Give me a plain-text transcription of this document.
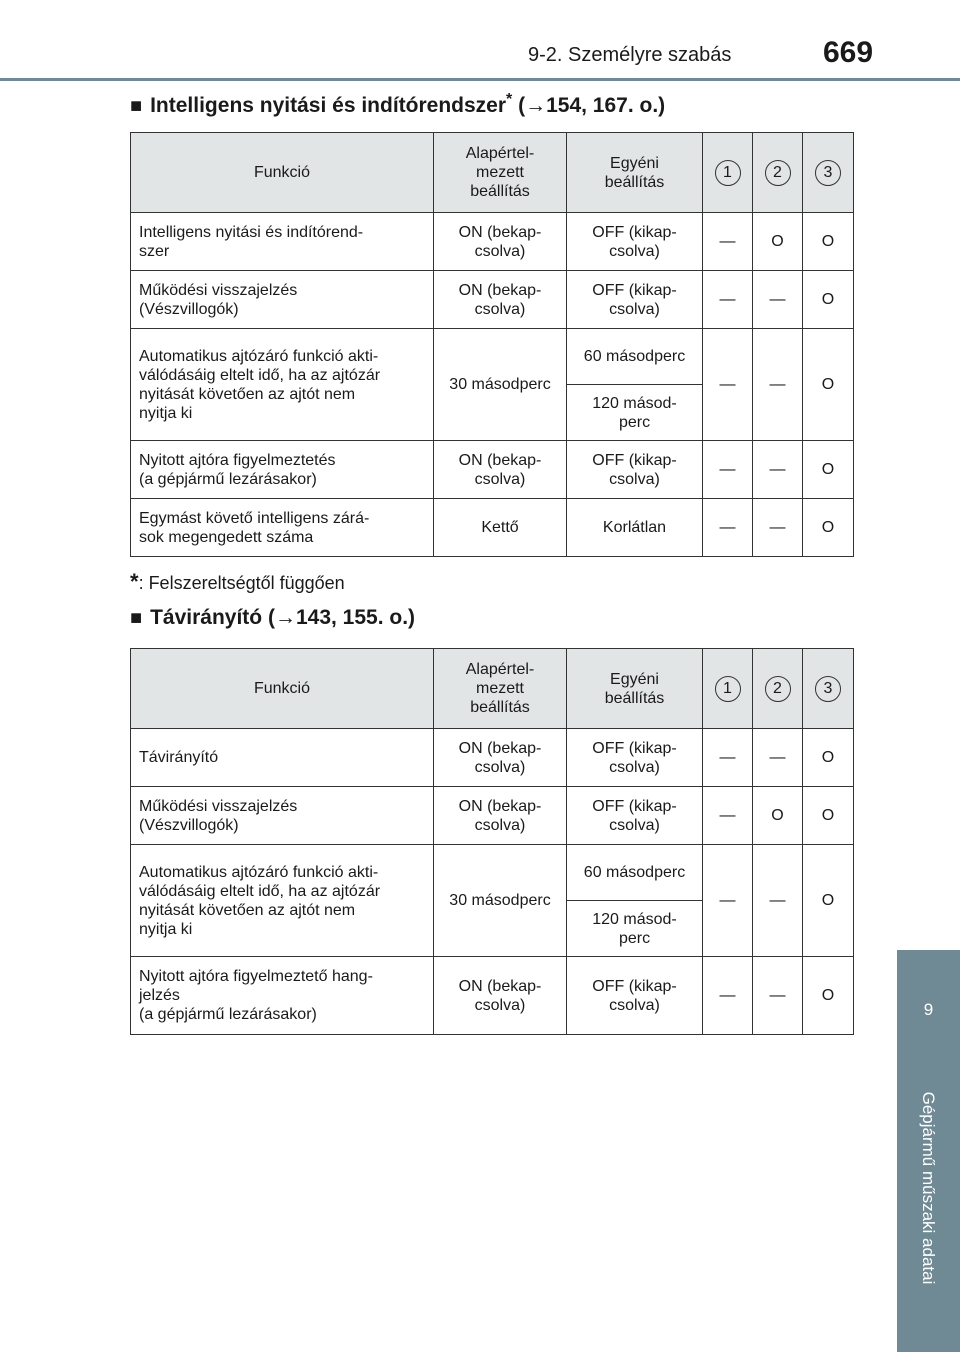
9-2. Személyre szabás	669
9
Gépjármű műszaki adatai
■ Intelligens nyitási és indítórendszer* (→154, 167. o.)
Funkció	Alapértel-
mezett
beállítás	Egyéni
beállítás	1	2	3
Intelligens nyitási és indítórend-
szer	ON (bekap-
csolva)	OFF (kikap-
csolva)	—	O	O
Működési visszajelzés
(Vészvillogók)	ON (bekap-
csolva)	OFF (kikap-
csolva)	—	—	O
Automatikus ajtózáró funkció akti-
válódásáig eltelt idő, ha az ajtózár
nyitását követően az ajtót nem
nyitja ki	30 másodperc	60 másodperc	—	—	O
		120 másod-
perc			
Nyitott ajtóra figyelmeztetés
(a gépjármű lezárásakor)	ON (bekap-
csolva)	OFF (kikap-
csolva)	—	—	O
Egymást követő intelligens zárá-
sok megengedett száma	Kettő	Korlátlan	—	—	O
*: Felszereltségtől függően
■ Távirányító (→143, 155. o.)
Funkció	Alapértel-
mezett
beállítás	Egyéni
beállítás	1	2	3
Távirányító	ON (bekap-
csolva)	OFF (kikap-
csolva)	—	—	O
Működési visszajelzés
(Vészvillogók)	ON (bekap-
csolva)	OFF (kikap-
csolva)	—	O	O
Automatikus ajtózáró funkció akti-
válódásáig eltelt idő, ha az ajtózár
nyitását követően az ajtót nem
nyitja ki	30 másodperc	60 másodperc	—	—	O
		120 másod-
perc			
Nyitott ajtóra figyelmeztető hang-
jelzés
(a gépjármű lezárásakor)	ON (bekap-
csolva)	OFF (kikap-
csolva)	—	—	O
